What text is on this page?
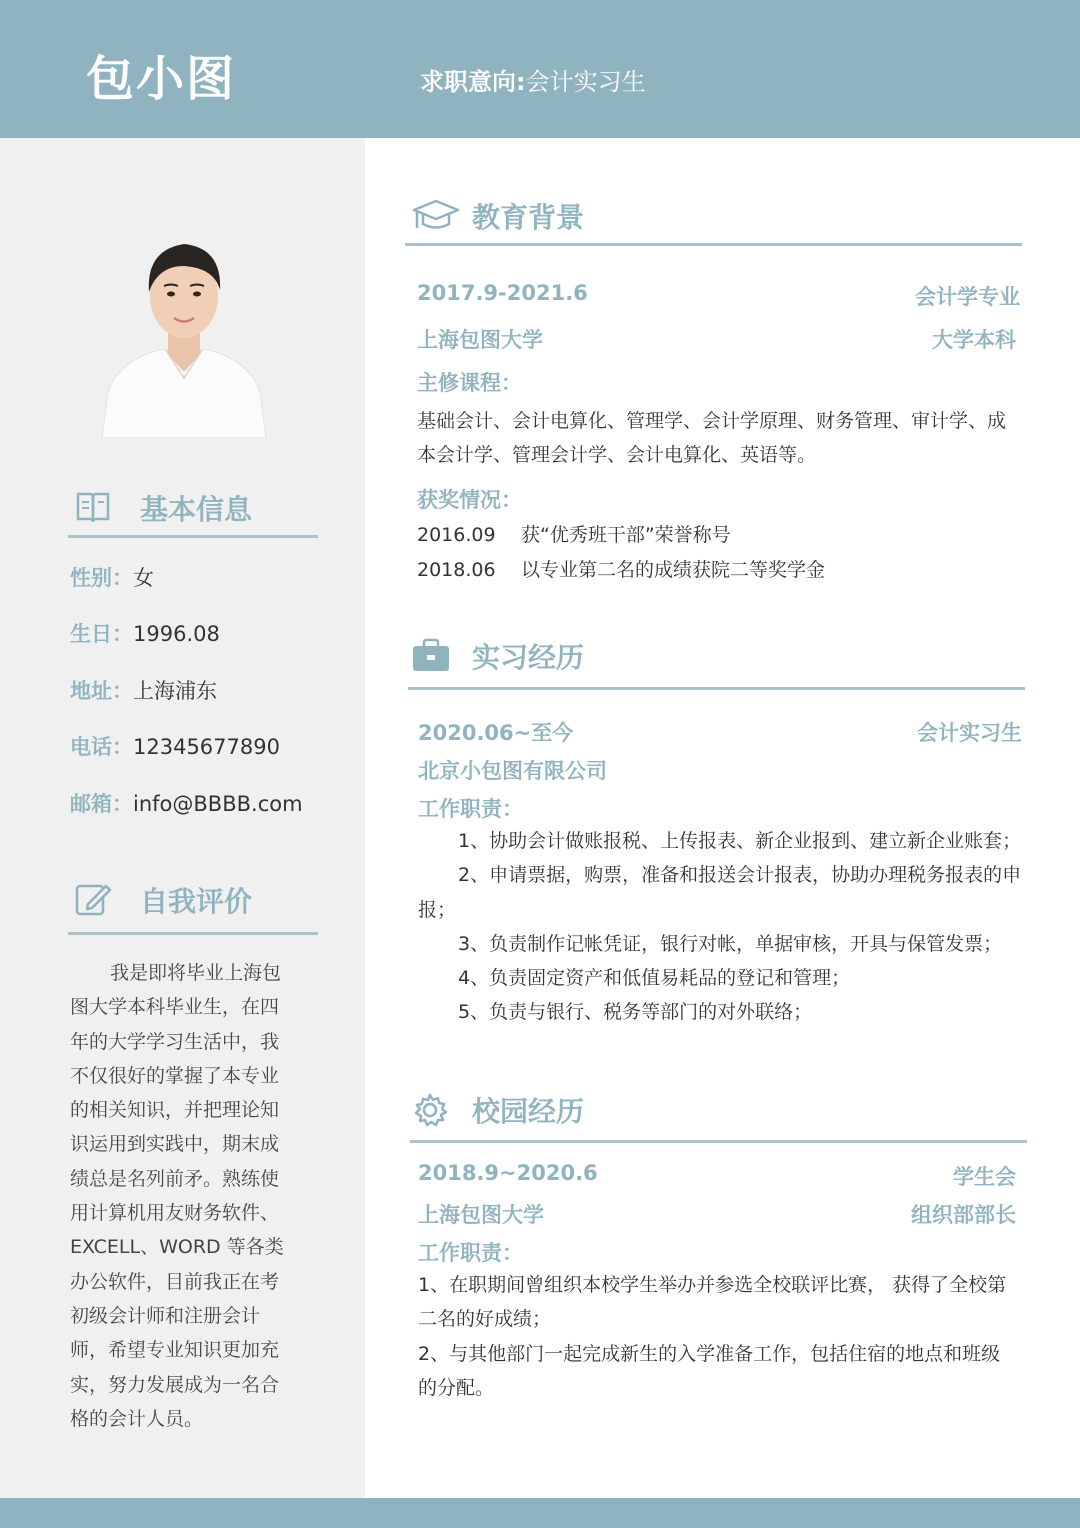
包小图	求职意向:会计实习生
基本信息
性别：女
生日：1996.08
地址：上海浦东
电话：12345677890
邮箱：info@BBBB.com
自我评价

我是即将毕业上海包图大学本科毕业生，在四年的大学学习生活中，我不仅很好的掌握了本专业的相关知识，并把理论知识运用到实践中，期末成绩总是名列前矛。熟练使用计算机用友财务软件、EXCELL、WORD 等各类办公软件，目前我正在考初级会计师和注册会计师，希望专业知识更加充实，努力发展成为一名合格的会计人员。

教育背景
2017.9-2021.6	会计学专业
上海包图大学	大学本科
主修课程：

基础会计、会计电算化、管理学、会计学原理、财务管理、审计学、成本会计学、管理会计学、会计电算化、英语等。

获奖情况：
2016.09 获“优秀班干部”荣誉称号
2018.06 以专业第二名的成绩获院二等奖学金
实习经历
2020.06~至今	会计实习生
北京小包图有限公司
工作职责：

1、协助会计做账报税、上传报表、新企业报到、建立新企业账套；

2、申请票据，购票，准备和报送会计报表，协助办理税务报表的申报；

3、负责制作记帐凭证，银行对帐，单据审核，开具与保管发票；

4、负责固定资产和低值易耗品的登记和管理；

5、负责与银行、税务等部门的对外联络；

校园经历
2018.9~2020.6	学生会
上海包图大学	组织部部长
工作职责：

1、在职期间曾组织本校学生举办并参选全校联评比赛， 获得了全校第　二名的好成绩；

2、与其他部门一起完成新生的入学准备工作，包括住宿的地点和班级的分配。
